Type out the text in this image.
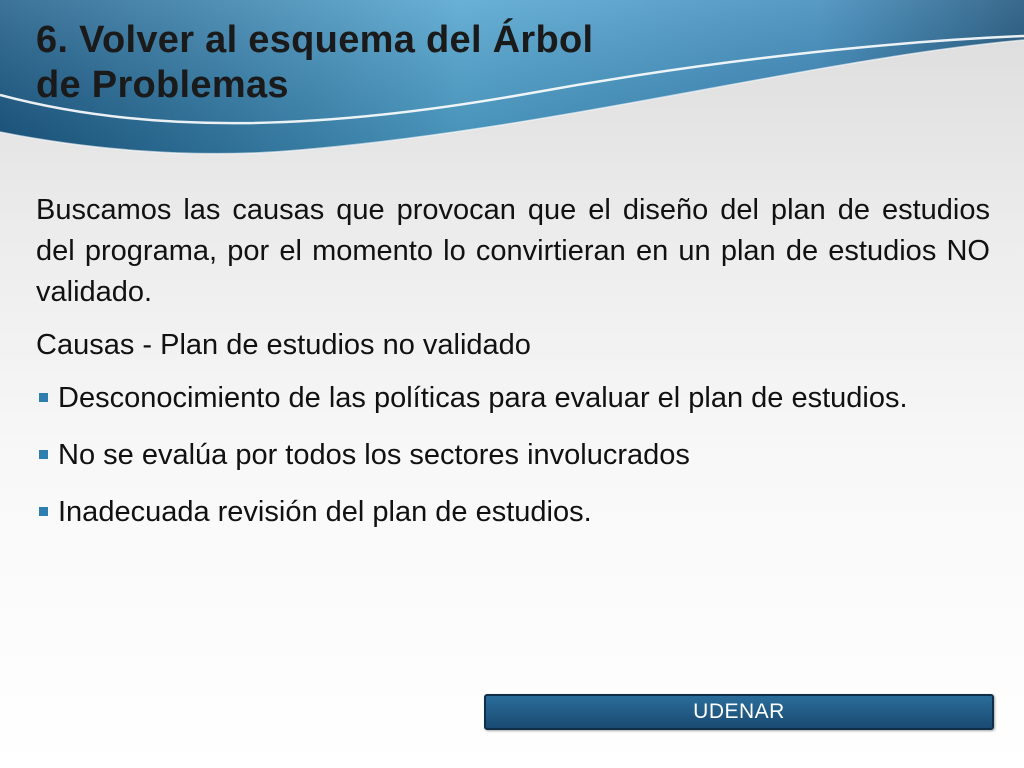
6. Volver al esquema del Árbol
de Problemas

Buscamos las causas que provocan que el diseño del plan de estudios del programa, por el momento lo convirtieran en un plan de estudios NO validado.

Causas - Plan de estudios no validado

Desconocimiento de las políticas para evaluar el plan de estudios.
No se evalúa por todos los sectores involucrados
Inadecuada revisión del plan de estudios.
UDENAR
